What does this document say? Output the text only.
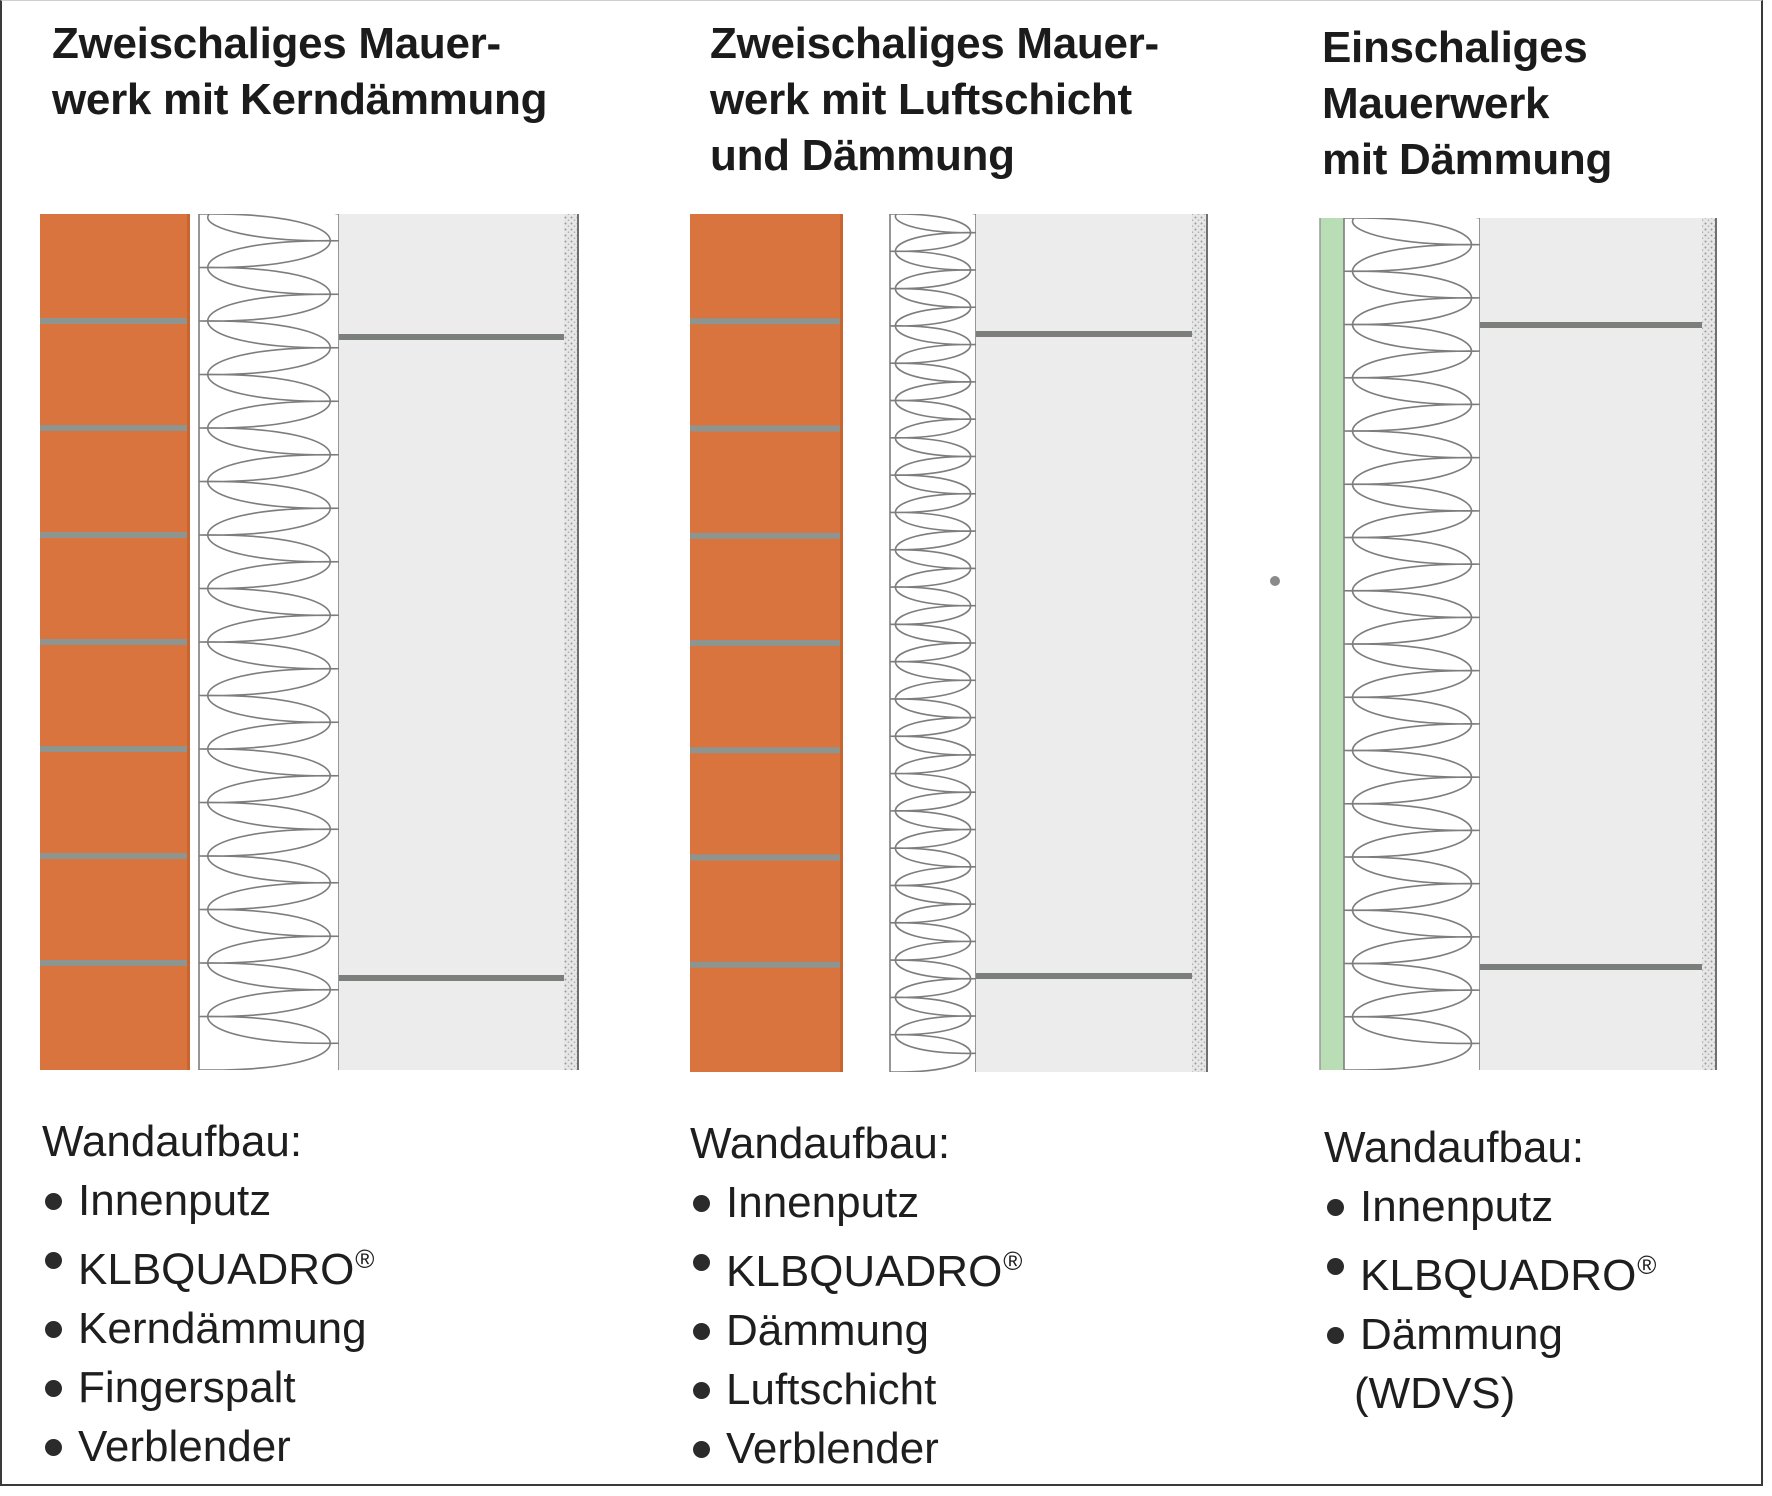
Zweischaliges Mauer-
werk mit Kerndämmung
Zweischaliges Mauer-
werk mit Luftschicht
und Dämmung
Einschaliges
Mauerwerk
mit Dämmung
Wandaufbau:
Innenputz
KLBQUADRO®
Kerndämmung
Fingerspalt
Verblender
Wandaufbau:
Innenputz
KLBQUADRO®
Dämmung
Luftschicht
Verblender
Wandaufbau:
Innenputz
KLBQUADRO®
Dämmung
(WDVS)
